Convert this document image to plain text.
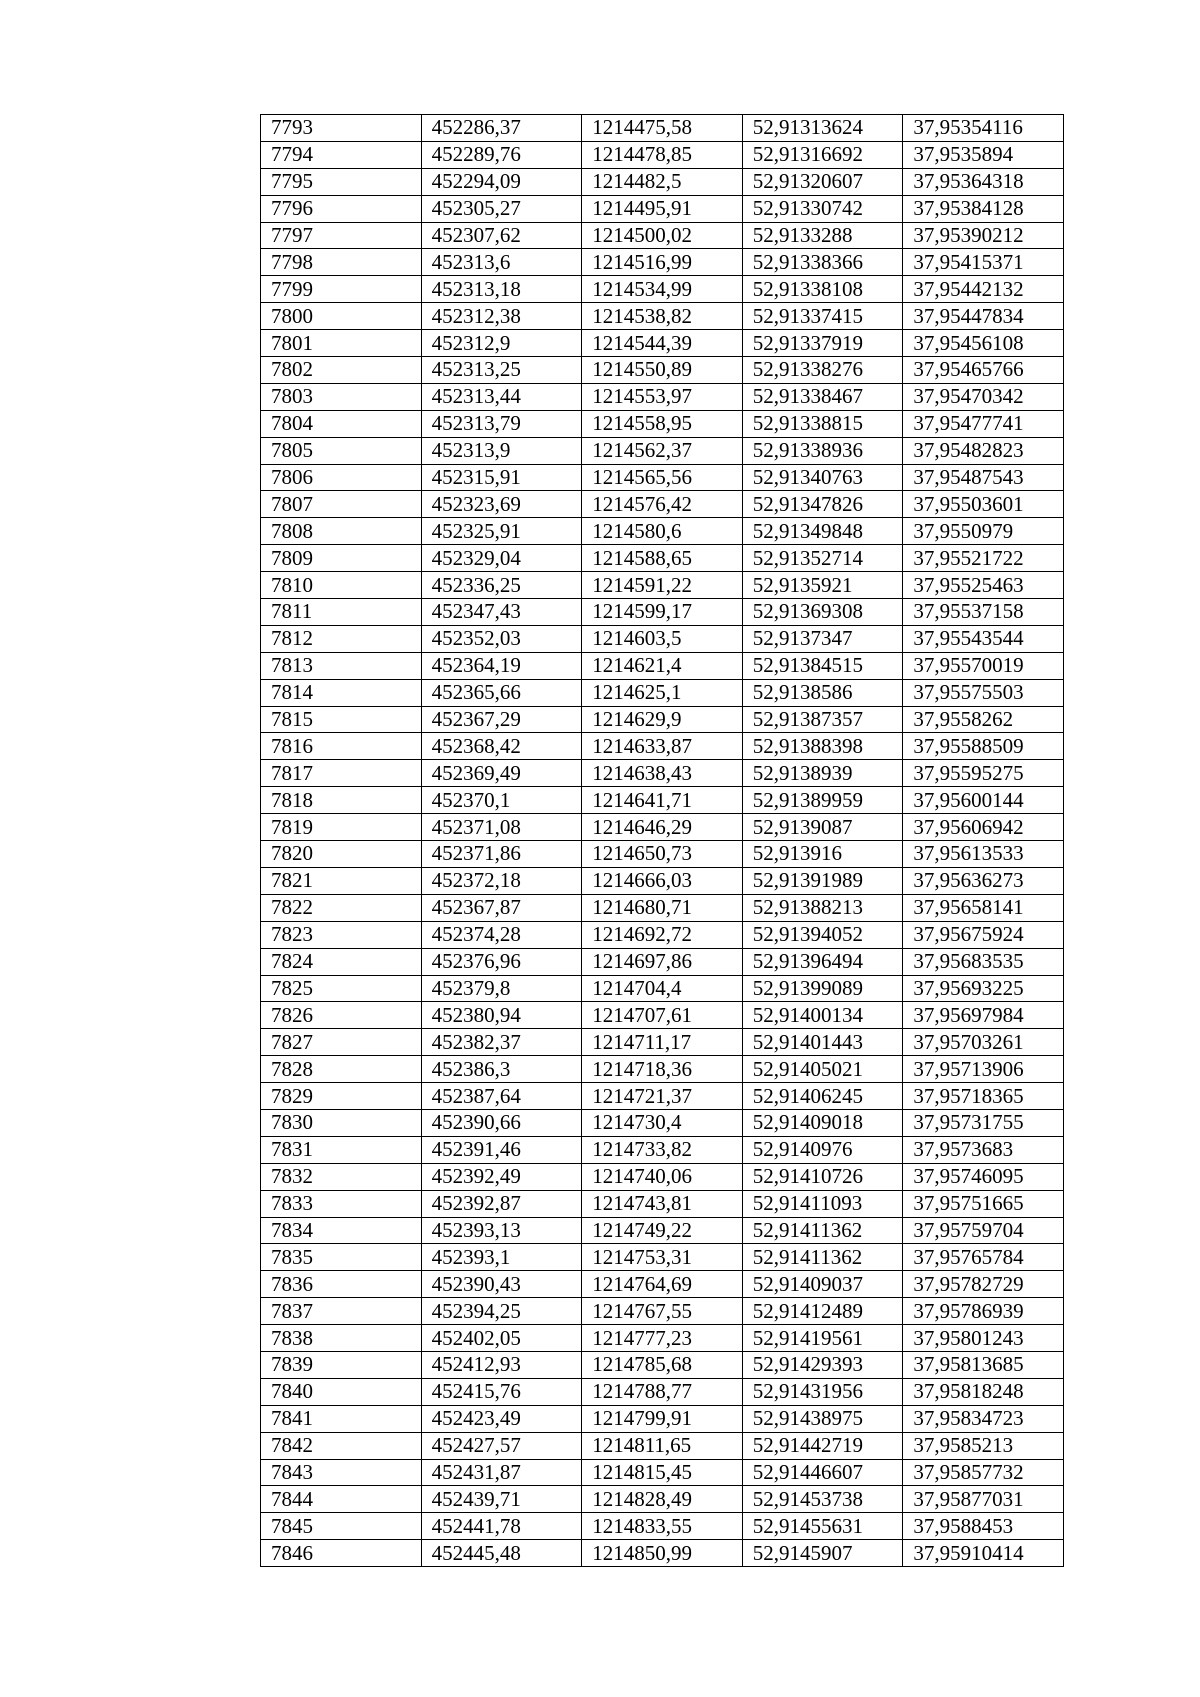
7793	452286,37	1214475,58	52,91313624	37,95354116
7794	452289,76	1214478,85	52,91316692	37,9535894
7795	452294,09	1214482,5	52,91320607	37,95364318
7796	452305,27	1214495,91	52,91330742	37,95384128
7797	452307,62	1214500,02	52,9133288	37,95390212
7798	452313,6	1214516,99	52,91338366	37,95415371
7799	452313,18	1214534,99	52,91338108	37,95442132
7800	452312,38	1214538,82	52,91337415	37,95447834
7801	452312,9	1214544,39	52,91337919	37,95456108
7802	452313,25	1214550,89	52,91338276	37,95465766
7803	452313,44	1214553,97	52,91338467	37,95470342
7804	452313,79	1214558,95	52,91338815	37,95477741
7805	452313,9	1214562,37	52,91338936	37,95482823
7806	452315,91	1214565,56	52,91340763	37,95487543
7807	452323,69	1214576,42	52,91347826	37,95503601
7808	452325,91	1214580,6	52,91349848	37,9550979
7809	452329,04	1214588,65	52,91352714	37,95521722
7810	452336,25	1214591,22	52,9135921	37,95525463
7811	452347,43	1214599,17	52,91369308	37,95537158
7812	452352,03	1214603,5	52,9137347	37,95543544
7813	452364,19	1214621,4	52,91384515	37,95570019
7814	452365,66	1214625,1	52,9138586	37,95575503
7815	452367,29	1214629,9	52,91387357	37,9558262
7816	452368,42	1214633,87	52,91388398	37,95588509
7817	452369,49	1214638,43	52,9138939	37,95595275
7818	452370,1	1214641,71	52,91389959	37,95600144
7819	452371,08	1214646,29	52,9139087	37,95606942
7820	452371,86	1214650,73	52,913916	37,95613533
7821	452372,18	1214666,03	52,91391989	37,95636273
7822	452367,87	1214680,71	52,91388213	37,95658141
7823	452374,28	1214692,72	52,91394052	37,95675924
7824	452376,96	1214697,86	52,91396494	37,95683535
7825	452379,8	1214704,4	52,91399089	37,95693225
7826	452380,94	1214707,61	52,91400134	37,95697984
7827	452382,37	1214711,17	52,91401443	37,95703261
7828	452386,3	1214718,36	52,91405021	37,95713906
7829	452387,64	1214721,37	52,91406245	37,95718365
7830	452390,66	1214730,4	52,91409018	37,95731755
7831	452391,46	1214733,82	52,9140976	37,9573683
7832	452392,49	1214740,06	52,91410726	37,95746095
7833	452392,87	1214743,81	52,91411093	37,95751665
7834	452393,13	1214749,22	52,91411362	37,95759704
7835	452393,1	1214753,31	52,91411362	37,95765784
7836	452390,43	1214764,69	52,91409037	37,95782729
7837	452394,25	1214767,55	52,91412489	37,95786939
7838	452402,05	1214777,23	52,91419561	37,95801243
7839	452412,93	1214785,68	52,91429393	37,95813685
7840	452415,76	1214788,77	52,91431956	37,95818248
7841	452423,49	1214799,91	52,91438975	37,95834723
7842	452427,57	1214811,65	52,91442719	37,9585213
7843	452431,87	1214815,45	52,91446607	37,95857732
7844	452439,71	1214828,49	52,91453738	37,95877031
7845	452441,78	1214833,55	52,91455631	37,9588453
7846	452445,48	1214850,99	52,9145907	37,95910414
